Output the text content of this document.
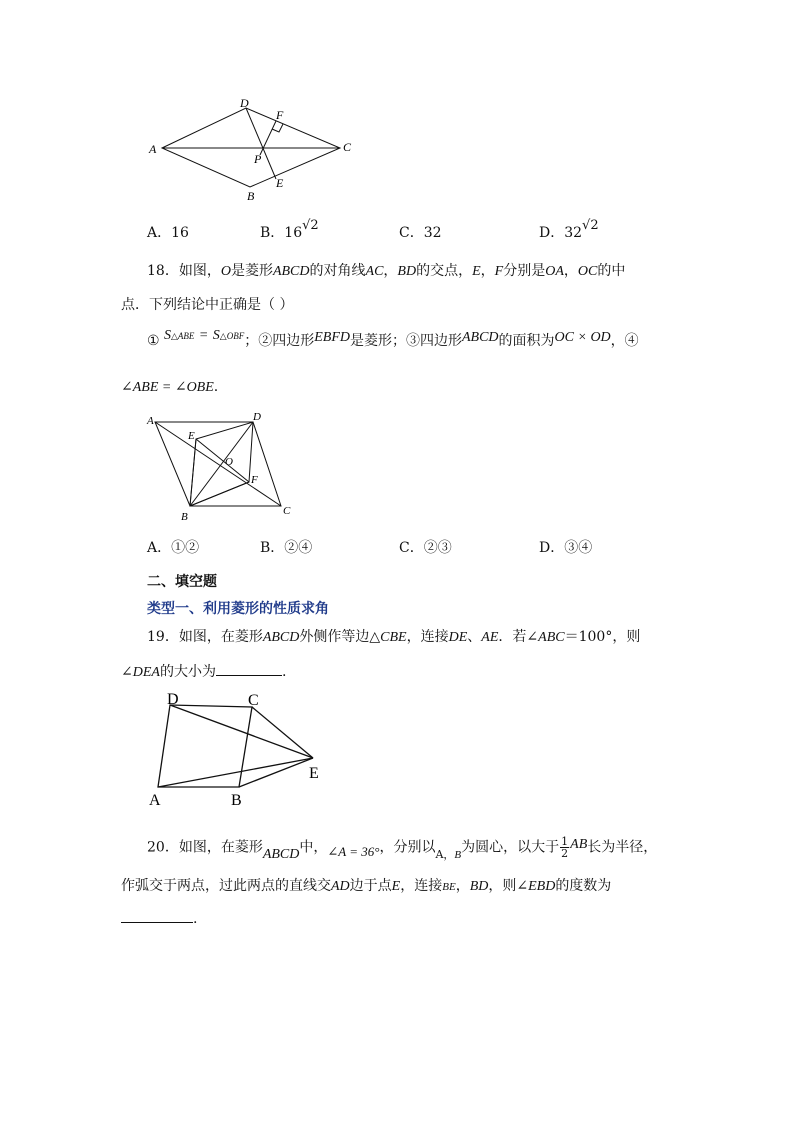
A
D
F
C
P
E
B
A．16	B．16√2	C．32	D．32√2
18．如图，O是菱形ABCD的对角线AC，BD的交点，E，F分别是OA，OC的中
点．下列结论中正确是（ ）
① S△ABE = S△OBF；②四边形EBFD是菱形；③四边形ABCD的面积为OC × OD，④
∠ABE = ∠OBE.
A	D
E
O
F
B	C
A．①②	B．②④	C．②③	D．③④
二、填空题
类型一、利用菱形的性质求角
19．如图，在菱形ABCD外侧作等边△CBE，连接DE、AE．若∠ABC＝100°，则
∠DEA的大小为	.
D	C
E
A	B
20．如图，在菱形ABCD中，∠A = 36°，分别以$_{A,B}$为圆心，以大于 $\frac{1}{2}$ AB长为半径，
作弧交于两点，过此两点的直线交AD边于点E，连接BE，BD，则∠EBD的度数为
.
